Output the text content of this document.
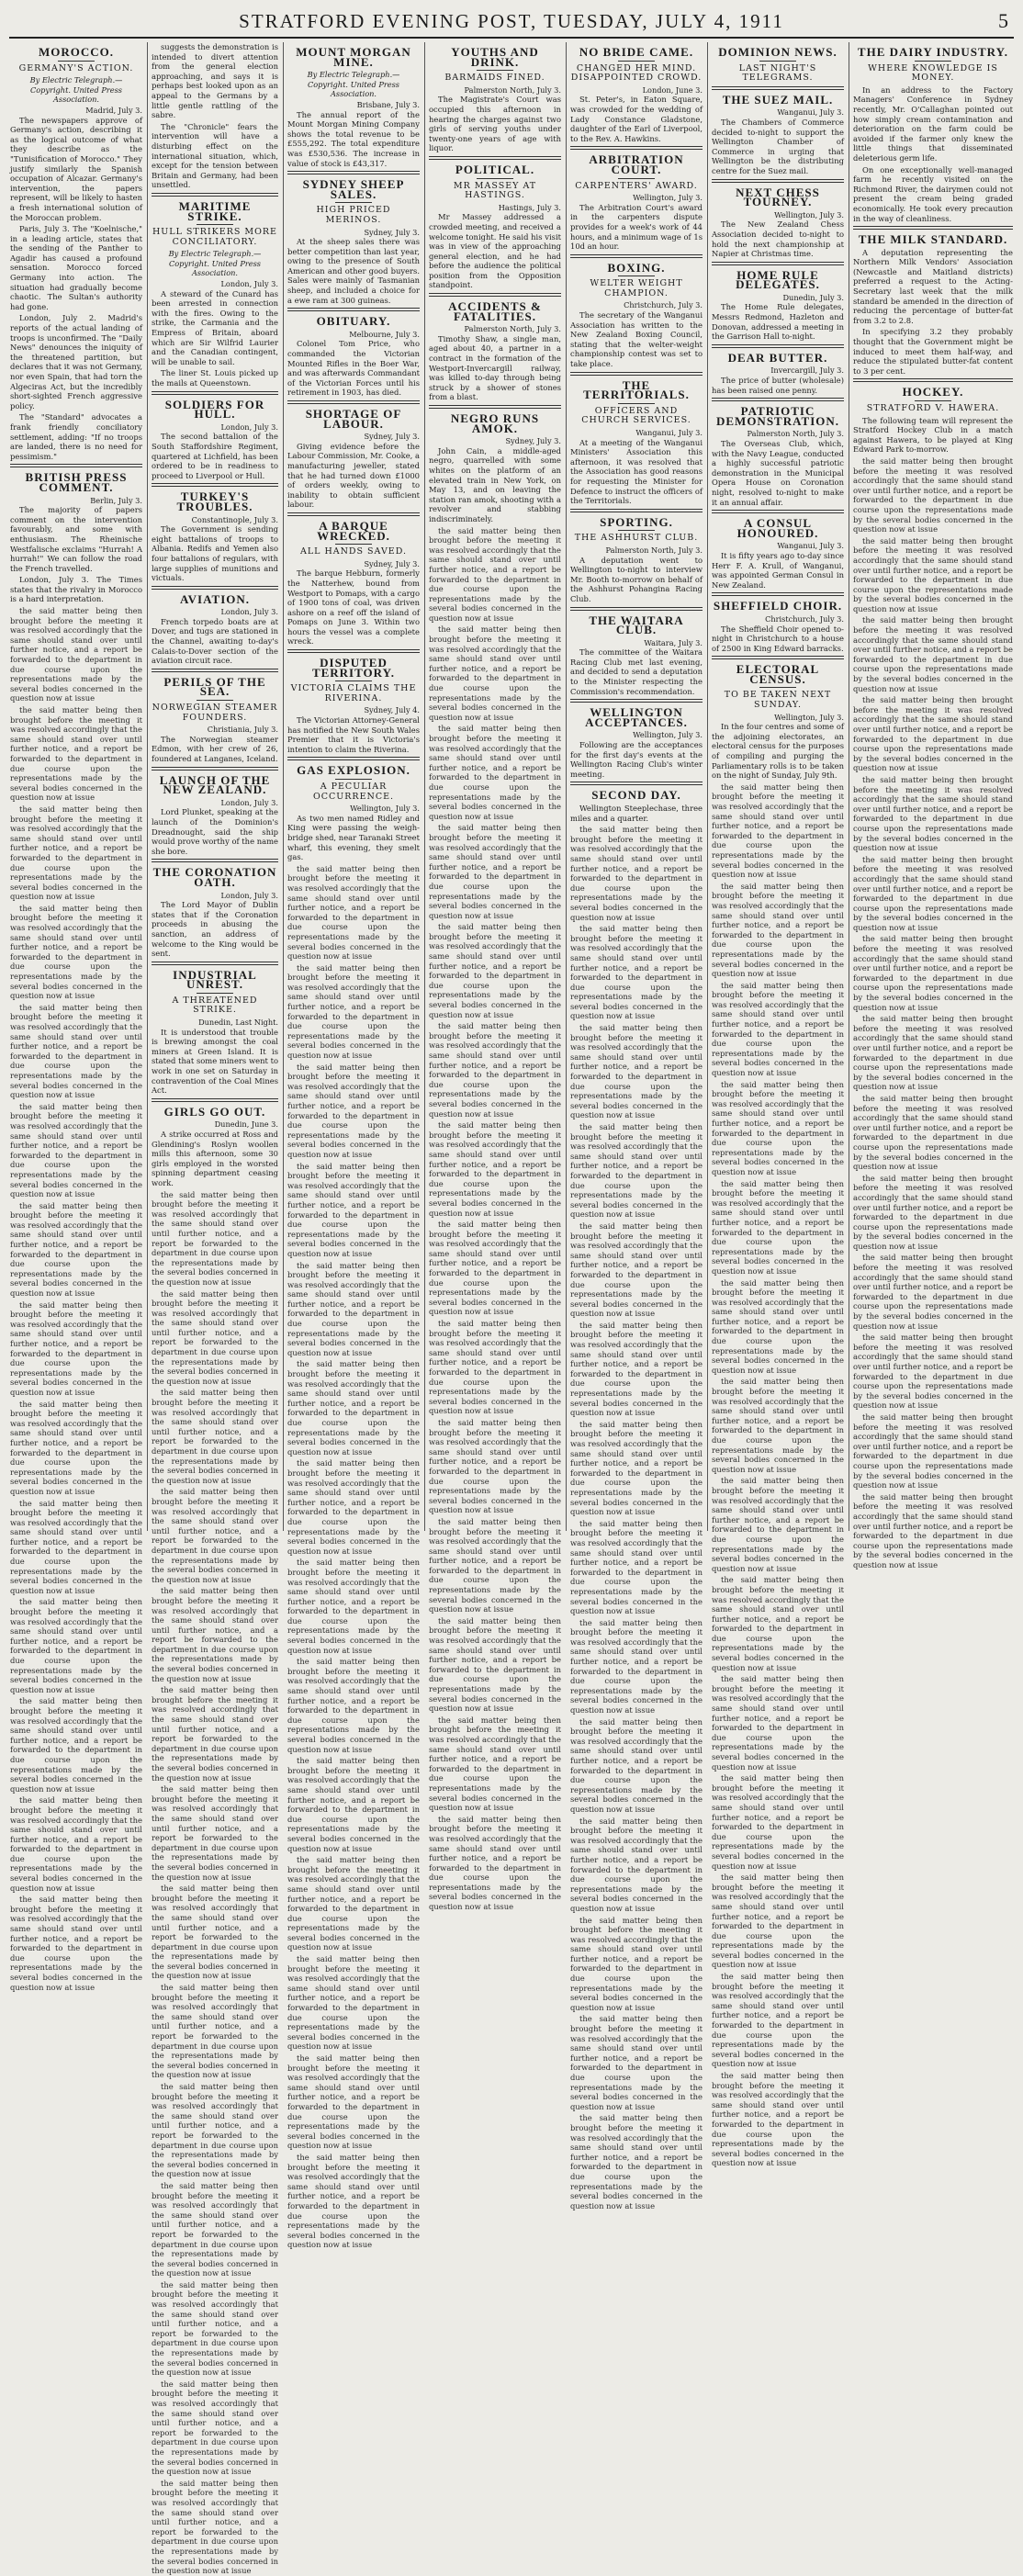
STRATFORD EVENING POST, TUESDAY, JULY 4, 1911	5
MOROCCO.
GERMANY'S ACTION.
By Electric Telegraph.—Copyright. United Press Association.
Madrid, July 3.

The newspapers approve of Germany's action, describing it as the logical outcome of what they describe as the "Tunisification of Morocco." They justify similarly the Spanish occupation of Alcazar. Germany's intervention, the papers represent, will be likely to hasten a fresh international solution of the Moroccan problem.

Paris, July 3. The "Koelnische," in a leading article, states that the sending of the Panther to Agadir has caused a profound sensation. Morocco forced Germany into action. The situation had gradually become chaotic. The Sultan's authority had gone.

London, July 2. Madrid's reports of the actual landing of troops is unconfirmed. The "Daily News" denounces the iniquity of the threatened partition, but declares that it was not Germany, nor even Spain, that had torn the Algeciras Act, but the incredibly short-sighted French aggressive policy.

The "Standard" advocates a frank friendly conciliatory settlement, adding: "If no troops are landed, there is no need for pessimism."

BRITISH PRESS COMMENT.
Berlin, July 3.

The majority of papers comment on the intervention favourably, and some with enthusiasm. The Rheinische Westfalische exclaims "Hurrah! A hurrah!" We can follow the road the French travelled.

London, July 3. The Times states that the rivalry in Morocco is a hard interpretation.

the said matter being then brought before the meeting it was resolved accordingly that the same should stand over until further notice, and a report be forwarded to the department in due course upon the representations made by the several bodies concerned in the question now at issue

the said matter being then brought before the meeting it was resolved accordingly that the same should stand over until further notice, and a report be forwarded to the department in due course upon the representations made by the several bodies concerned in the question now at issue

the said matter being then brought before the meeting it was resolved accordingly that the same should stand over until further notice, and a report be forwarded to the department in due course upon the representations made by the several bodies concerned in the question now at issue

the said matter being then brought before the meeting it was resolved accordingly that the same should stand over until further notice, and a report be forwarded to the department in due course upon the representations made by the several bodies concerned in the question now at issue

the said matter being then brought before the meeting it was resolved accordingly that the same should stand over until further notice, and a report be forwarded to the department in due course upon the representations made by the several bodies concerned in the question now at issue

the said matter being then brought before the meeting it was resolved accordingly that the same should stand over until further notice, and a report be forwarded to the department in due course upon the representations made by the several bodies concerned in the question now at issue

the said matter being then brought before the meeting it was resolved accordingly that the same should stand over until further notice, and a report be forwarded to the department in due course upon the representations made by the several bodies concerned in the question now at issue

the said matter being then brought before the meeting it was resolved accordingly that the same should stand over until further notice, and a report be forwarded to the department in due course upon the representations made by the several bodies concerned in the question now at issue

the said matter being then brought before the meeting it was resolved accordingly that the same should stand over until further notice, and a report be forwarded to the department in due course upon the representations made by the several bodies concerned in the question now at issue

the said matter being then brought before the meeting it was resolved accordingly that the same should stand over until further notice, and a report be forwarded to the department in due course upon the representations made by the several bodies concerned in the question now at issue

the said matter being then brought before the meeting it was resolved accordingly that the same should stand over until further notice, and a report be forwarded to the department in due course upon the representations made by the several bodies concerned in the question now at issue

the said matter being then brought before the meeting it was resolved accordingly that the same should stand over until further notice, and a report be forwarded to the department in due course upon the representations made by the several bodies concerned in the question now at issue

the said matter being then brought before the meeting it was resolved accordingly that the same should stand over until further notice, and a report be forwarded to the department in due course upon the representations made by the several bodies concerned in the question now at issue

the said matter being then brought before the meeting it was resolved accordingly that the same should stand over until further notice, and a report be forwarded to the department in due course upon the representations made by the several bodies concerned in the question now at issue

suggests the demonstration is intended to divert attention from the general election approaching, and says it is perhaps best looked upon as an appeal to the Germans by a little gentle rattling of the sabre.

The "Chronicle" fears the intervention will have a disturbing effect on the international situation, which, except for the tension between Britain and Germany, had been unsettled.

MARITIME STRIKE.
HULL STRIKERS MORE CONCILIATORY.
By Electric Telegraph.—Copyright. United Press Association.
London, July 3.

A steward of the Cunard has been arrested in connection with the fires. Owing to the strike, the Carmania and the Empress of Britain, aboard which are Sir Wilfrid Laurier and the Canadian contingent, will be unable to sail.

The liner St. Louis picked up the mails at Queenstown.

SOLDIERS FOR HULL.
London, July 3.

The second battalion of the South Staffordshire Regiment, quartered at Lichfield, has been ordered to be in readiness to proceed to Liverpool or Hull.

TURKEY'S TROUBLES.
Constantinople, July 3.

The Government is sending eight battalions of troops to Albania. Redifs and Yemen also four battalions of regulars, with large supplies of munitions and victuals.

AVIATION.
London, July 3.

French torpedo boats are at Dover, and tugs are stationed in the Channel, awaiting to-day's Calais-to-Dover section of the aviation circuit race.

PERILS OF THE SEA.
NORWEGIAN STEAMER FOUNDERS.
Christiania, July 3.

The Norwegian steamer Edmon, with her crew of 26, foundered at Langanes, Iceland.

LAUNCH OF THE NEW ZEALAND.
London, July 3.

Lord Plunket, speaking at the launch of the Dominion's Dreadnought, said the ship would prove worthy of the name she bore.

THE CORONATION OATH.
London, July 3.

The Lord Mayor of Dublin states that if the Coronation proceeds in abusing the sanction, an address of welcome to the King would be sent.

INDUSTRIAL UNREST.
A THREATENED STRIKE.
Dunedin, Last Night.

It is understood that trouble is brewing amongst the coal miners at Green Island. It is stated that some miners went to work in one set on Saturday in contravention of the Coal Mines Act.

GIRLS GO OUT.
Dunedin, June 3.

A strike occurred at Ross and Glendining's Roslyn woollen mills this afternoon, some 30 girls employed in the worsted spinning department ceasing work.

the said matter being then brought before the meeting it was resolved accordingly that the same should stand over until further notice, and a report be forwarded to the department in due course upon the representations made by the several bodies concerned in the question now at issue

the said matter being then brought before the meeting it was resolved accordingly that the same should stand over until further notice, and a report be forwarded to the department in due course upon the representations made by the several bodies concerned in the question now at issue

the said matter being then brought before the meeting it was resolved accordingly that the same should stand over until further notice, and a report be forwarded to the department in due course upon the representations made by the several bodies concerned in the question now at issue

the said matter being then brought before the meeting it was resolved accordingly that the same should stand over until further notice, and a report be forwarded to the department in due course upon the representations made by the several bodies concerned in the question now at issue

the said matter being then brought before the meeting it was resolved accordingly that the same should stand over until further notice, and a report be forwarded to the department in due course upon the representations made by the several bodies concerned in the question now at issue

the said matter being then brought before the meeting it was resolved accordingly that the same should stand over until further notice, and a report be forwarded to the department in due course upon the representations made by the several bodies concerned in the question now at issue

the said matter being then brought before the meeting it was resolved accordingly that the same should stand over until further notice, and a report be forwarded to the department in due course upon the representations made by the several bodies concerned in the question now at issue

the said matter being then brought before the meeting it was resolved accordingly that the same should stand over until further notice, and a report be forwarded to the department in due course upon the representations made by the several bodies concerned in the question now at issue

the said matter being then brought before the meeting it was resolved accordingly that the same should stand over until further notice, and a report be forwarded to the department in due course upon the representations made by the several bodies concerned in the question now at issue

the said matter being then brought before the meeting it was resolved accordingly that the same should stand over until further notice, and a report be forwarded to the department in due course upon the representations made by the several bodies concerned in the question now at issue

the said matter being then brought before the meeting it was resolved accordingly that the same should stand over until further notice, and a report be forwarded to the department in due course upon the representations made by the several bodies concerned in the question now at issue

the said matter being then brought before the meeting it was resolved accordingly that the same should stand over until further notice, and a report be forwarded to the department in due course upon the representations made by the several bodies concerned in the question now at issue

the said matter being then brought before the meeting it was resolved accordingly that the same should stand over until further notice, and a report be forwarded to the department in due course upon the representations made by the several bodies concerned in the question now at issue

the said matter being then brought before the meeting it was resolved accordingly that the same should stand over until further notice, and a report be forwarded to the department in due course upon the representations made by the several bodies concerned in the question now at issue

MOUNT MORGAN MINE.
By Electric Telegraph.—Copyright. United Press Association.
Brisbane, July 3.

The annual report of the Mount Morgan Mining Company shows the total revenue to be £555,292. The total expenditure was £530,536. The increase in value of stock is £43,317.

SYDNEY SHEEP SALES.
HIGH PRICED MERINOS.
Sydney, July 3.

At the sheep sales there was better competition than last year, owing to the presence of South American and other good buyers. Sales were mainly of Tasmanian sheep, and included a choice for a ewe ram at 300 guineas.

OBITUARY.
Melbourne, July 3.

Colonel Tom Price, who commanded the Victorian Mounted Rifles in the Boer War, and was afterwards Commandant of the Victorian Forces until his retirement in 1903, has died.

SHORTAGE OF LABOUR.
Sydney, July 3.

Giving evidence before the Labour Commission, Mr. Cooke, a manufacturing jeweller, stated that he had turned down £1000 of orders weekly, owing to inability to obtain sufficient labour.

A BARQUE WRECKED.
ALL HANDS SAVED.
Sydney, July 3.

The barque Hebburn, formerly the Natterhew, bound from Westport to Pomaps, with a cargo of 1900 tons of coal, was driven ashore on a reef off the island of Pomaps on June 3. Within two hours the vessel was a complete wreck.

DISPUTED TERRITORY.
VICTORIA CLAIMS THE RIVERINA.
Sydney, July 4.

The Victorian Attorney-General has notified the New South Wales Premier that it is Victoria's intention to claim the Riverina.

GAS EXPLOSION.
A PECULIAR OCCURRENCE.
Wellington, July 3.

As two men named Ridley and King were passing the weigh-bridge shed, near Taranaki Street wharf, this evening, they smelt gas.

the said matter being then brought before the meeting it was resolved accordingly that the same should stand over until further notice, and a report be forwarded to the department in due course upon the representations made by the several bodies concerned in the question now at issue

the said matter being then brought before the meeting it was resolved accordingly that the same should stand over until further notice, and a report be forwarded to the department in due course upon the representations made by the several bodies concerned in the question now at issue

the said matter being then brought before the meeting it was resolved accordingly that the same should stand over until further notice, and a report be forwarded to the department in due course upon the representations made by the several bodies concerned in the question now at issue

the said matter being then brought before the meeting it was resolved accordingly that the same should stand over until further notice, and a report be forwarded to the department in due course upon the representations made by the several bodies concerned in the question now at issue

the said matter being then brought before the meeting it was resolved accordingly that the same should stand over until further notice, and a report be forwarded to the department in due course upon the representations made by the several bodies concerned in the question now at issue

the said matter being then brought before the meeting it was resolved accordingly that the same should stand over until further notice, and a report be forwarded to the department in due course upon the representations made by the several bodies concerned in the question now at issue

the said matter being then brought before the meeting it was resolved accordingly that the same should stand over until further notice, and a report be forwarded to the department in due course upon the representations made by the several bodies concerned in the question now at issue

the said matter being then brought before the meeting it was resolved accordingly that the same should stand over until further notice, and a report be forwarded to the department in due course upon the representations made by the several bodies concerned in the question now at issue

the said matter being then brought before the meeting it was resolved accordingly that the same should stand over until further notice, and a report be forwarded to the department in due course upon the representations made by the several bodies concerned in the question now at issue

the said matter being then brought before the meeting it was resolved accordingly that the same should stand over until further notice, and a report be forwarded to the department in due course upon the representations made by the several bodies concerned in the question now at issue

the said matter being then brought before the meeting it was resolved accordingly that the same should stand over until further notice, and a report be forwarded to the department in due course upon the representations made by the several bodies concerned in the question now at issue

the said matter being then brought before the meeting it was resolved accordingly that the same should stand over until further notice, and a report be forwarded to the department in due course upon the representations made by the several bodies concerned in the question now at issue

the said matter being then brought before the meeting it was resolved accordingly that the same should stand over until further notice, and a report be forwarded to the department in due course upon the representations made by the several bodies concerned in the question now at issue

the said matter being then brought before the meeting it was resolved accordingly that the same should stand over until further notice, and a report be forwarded to the department in due course upon the representations made by the several bodies concerned in the question now at issue

YOUTHS AND DRINK.
BARMAIDS FINED.
Palmerston North, July 3.

The Magistrate's Court was occupied this afternoon in hearing the charges against two girls of serving youths under twenty-one years of age with liquor.

POLITICAL.
MR MASSEY AT HASTINGS.
Hastings, July 3.

Mr Massey addressed a crowded meeting, and received a welcome tonight. He said his visit was in view of the approaching general election, and he had before the audience the political position from the Opposition standpoint.

ACCIDENTS & FATALITIES.
Palmerston North, July 3.

Timothy Shaw, a single man, aged about 40, a partner in a contract in the formation of the Westport-Invercargill railway, was killed to-day through being struck by a shower of stones from a blast.

NEGRO RUNS AMOK.
Sydney, July 3.

John Cain, a middle-aged negro, quarrelled with some whites on the platform of an elevated train in New York, on May 13, and on leaving the station ran amok, shooting with a revolver and stabbing indiscriminately.

the said matter being then brought before the meeting it was resolved accordingly that the same should stand over until further notice, and a report be forwarded to the department in due course upon the representations made by the several bodies concerned in the question now at issue

the said matter being then brought before the meeting it was resolved accordingly that the same should stand over until further notice, and a report be forwarded to the department in due course upon the representations made by the several bodies concerned in the question now at issue

the said matter being then brought before the meeting it was resolved accordingly that the same should stand over until further notice, and a report be forwarded to the department in due course upon the representations made by the several bodies concerned in the question now at issue

the said matter being then brought before the meeting it was resolved accordingly that the same should stand over until further notice, and a report be forwarded to the department in due course upon the representations made by the several bodies concerned in the question now at issue

the said matter being then brought before the meeting it was resolved accordingly that the same should stand over until further notice, and a report be forwarded to the department in due course upon the representations made by the several bodies concerned in the question now at issue

the said matter being then brought before the meeting it was resolved accordingly that the same should stand over until further notice, and a report be forwarded to the department in due course upon the representations made by the several bodies concerned in the question now at issue

the said matter being then brought before the meeting it was resolved accordingly that the same should stand over until further notice, and a report be forwarded to the department in due course upon the representations made by the several bodies concerned in the question now at issue

the said matter being then brought before the meeting it was resolved accordingly that the same should stand over until further notice, and a report be forwarded to the department in due course upon the representations made by the several bodies concerned in the question now at issue

the said matter being then brought before the meeting it was resolved accordingly that the same should stand over until further notice, and a report be forwarded to the department in due course upon the representations made by the several bodies concerned in the question now at issue

the said matter being then brought before the meeting it was resolved accordingly that the same should stand over until further notice, and a report be forwarded to the department in due course upon the representations made by the several bodies concerned in the question now at issue

the said matter being then brought before the meeting it was resolved accordingly that the same should stand over until further notice, and a report be forwarded to the department in due course upon the representations made by the several bodies concerned in the question now at issue

the said matter being then brought before the meeting it was resolved accordingly that the same should stand over until further notice, and a report be forwarded to the department in due course upon the representations made by the several bodies concerned in the question now at issue

the said matter being then brought before the meeting it was resolved accordingly that the same should stand over until further notice, and a report be forwarded to the department in due course upon the representations made by the several bodies concerned in the question now at issue

the said matter being then brought before the meeting it was resolved accordingly that the same should stand over until further notice, and a report be forwarded to the department in due course upon the representations made by the several bodies concerned in the question now at issue

NO BRIDE CAME.
CHANGED HER MIND. DISAPPOINTED CROWD.
London, June 3.

St. Peter's, in Eaton Square, was crowded for the wedding of Lady Constance Gladstone, daughter of the Earl of Liverpool, to the Rev. A. Hawkins.

ARBITRATION COURT.
CARPENTERS' AWARD.
Wellington, July 3.

The Arbitration Court's award in the carpenters dispute provides for a week's work of 44 hours, and a minimum wage of 1s 10d an hour.

BOXING.
WELTER WEIGHT CHAMPION.
Christchurch, July 3.

The secretary of the Wanganui Association has written to the New Zealand Boxing Council, stating that the welter-weight championship contest was set to take place.

THE TERRITORIALS.
OFFICERS AND CHURCH SERVICES.
Wanganui, July 3.

At a meeting of the Wanganui Ministers' Association this afternoon, it was resolved that the Association has good reasons for requesting the Minister for Defence to instruct the officers of the Territorials.

SPORTING.
THE ASHHURST CLUB.
Palmerston North, July 3.

A deputation went to Wellington to-night to interview Mr. Booth to-morrow on behalf of the Ashhurst Pohangina Racing Club.

THE WAITARA CLUB.
Waitara, July 3.

The committee of the Waitara Racing Club met last evening, and decided to send a deputation to the Minister respecting the Commission's recommendation.

WELLINGTON ACCEPTANCES.
Wellington, July 3.

Following are the acceptances for the first day's events at the Wellington Racing Club's winter meeting.

SECOND DAY.

Wellington Steeplechase, three miles and a quarter.

the said matter being then brought before the meeting it was resolved accordingly that the same should stand over until further notice, and a report be forwarded to the department in due course upon the representations made by the several bodies concerned in the question now at issue

the said matter being then brought before the meeting it was resolved accordingly that the same should stand over until further notice, and a report be forwarded to the department in due course upon the representations made by the several bodies concerned in the question now at issue

the said matter being then brought before the meeting it was resolved accordingly that the same should stand over until further notice, and a report be forwarded to the department in due course upon the representations made by the several bodies concerned in the question now at issue

the said matter being then brought before the meeting it was resolved accordingly that the same should stand over until further notice, and a report be forwarded to the department in due course upon the representations made by the several bodies concerned in the question now at issue

the said matter being then brought before the meeting it was resolved accordingly that the same should stand over until further notice, and a report be forwarded to the department in due course upon the representations made by the several bodies concerned in the question now at issue

the said matter being then brought before the meeting it was resolved accordingly that the same should stand over until further notice, and a report be forwarded to the department in due course upon the representations made by the several bodies concerned in the question now at issue

the said matter being then brought before the meeting it was resolved accordingly that the same should stand over until further notice, and a report be forwarded to the department in due course upon the representations made by the several bodies concerned in the question now at issue

the said matter being then brought before the meeting it was resolved accordingly that the same should stand over until further notice, and a report be forwarded to the department in due course upon the representations made by the several bodies concerned in the question now at issue

the said matter being then brought before the meeting it was resolved accordingly that the same should stand over until further notice, and a report be forwarded to the department in due course upon the representations made by the several bodies concerned in the question now at issue

the said matter being then brought before the meeting it was resolved accordingly that the same should stand over until further notice, and a report be forwarded to the department in due course upon the representations made by the several bodies concerned in the question now at issue

the said matter being then brought before the meeting it was resolved accordingly that the same should stand over until further notice, and a report be forwarded to the department in due course upon the representations made by the several bodies concerned in the question now at issue

the said matter being then brought before the meeting it was resolved accordingly that the same should stand over until further notice, and a report be forwarded to the department in due course upon the representations made by the several bodies concerned in the question now at issue

the said matter being then brought before the meeting it was resolved accordingly that the same should stand over until further notice, and a report be forwarded to the department in due course upon the representations made by the several bodies concerned in the question now at issue

the said matter being then brought before the meeting it was resolved accordingly that the same should stand over until further notice, and a report be forwarded to the department in due course upon the representations made by the several bodies concerned in the question now at issue

DOMINION NEWS.
LAST NIGHT'S TELEGRAMS.
THE SUEZ MAIL.
Wanganui, July 3.

The Chambers of Commerce decided to-night to support the Wellington Chamber of Commerce in urging that Wellington be the distributing centre for the Suez mail.

NEXT CHESS TOURNEY.
Wellington, July 3.

The New Zealand Chess Association decided to-night to hold the next championship at Napier at Christmas time.

HOME RULE DELEGATES.
Dunedin, July 3.

The Home Rule delegates, Messrs Redmond, Hazleton and Donovan, addressed a meeting in the Garrison Hall to-night.

DEAR BUTTER.
Invercargill, July 3.

The price of butter (wholesale) has been raised one penny.

PATRIOTIC DEMONSTRATION.
Palmerston North, July 3.

The Overseas Club, which, with the Navy League, conducted a highly successful patriotic demonstration in the Municipal Opera House on Coronation night, resolved to-night to make it an annual affair.

A CONSUL HONOURED.
Wanganui, July 3.

It is fifty years ago to-day since Herr F. A. Krull, of Wanganui, was appointed German Consul in New Zealand.

SHEFFIELD CHOIR.
Christchurch, July 3.

The Sheffield Choir opened to-night in Christchurch to a house of 2500 in King Edward barracks.

ELECTORAL CENSUS.
TO BE TAKEN NEXT SUNDAY.
Wellington, July 3.

In the four centres and some of the adjoining electorates, an electoral census for the purposes of compiling and purging the Parliamentary rolls is to be taken on the night of Sunday, July 9th.

the said matter being then brought before the meeting it was resolved accordingly that the same should stand over until further notice, and a report be forwarded to the department in due course upon the representations made by the several bodies concerned in the question now at issue

the said matter being then brought before the meeting it was resolved accordingly that the same should stand over until further notice, and a report be forwarded to the department in due course upon the representations made by the several bodies concerned in the question now at issue

the said matter being then brought before the meeting it was resolved accordingly that the same should stand over until further notice, and a report be forwarded to the department in due course upon the representations made by the several bodies concerned in the question now at issue

the said matter being then brought before the meeting it was resolved accordingly that the same should stand over until further notice, and a report be forwarded to the department in due course upon the representations made by the several bodies concerned in the question now at issue

the said matter being then brought before the meeting it was resolved accordingly that the same should stand over until further notice, and a report be forwarded to the department in due course upon the representations made by the several bodies concerned in the question now at issue

the said matter being then brought before the meeting it was resolved accordingly that the same should stand over until further notice, and a report be forwarded to the department in due course upon the representations made by the several bodies concerned in the question now at issue

the said matter being then brought before the meeting it was resolved accordingly that the same should stand over until further notice, and a report be forwarded to the department in due course upon the representations made by the several bodies concerned in the question now at issue

the said matter being then brought before the meeting it was resolved accordingly that the same should stand over until further notice, and a report be forwarded to the department in due course upon the representations made by the several bodies concerned in the question now at issue

the said matter being then brought before the meeting it was resolved accordingly that the same should stand over until further notice, and a report be forwarded to the department in due course upon the representations made by the several bodies concerned in the question now at issue

the said matter being then brought before the meeting it was resolved accordingly that the same should stand over until further notice, and a report be forwarded to the department in due course upon the representations made by the several bodies concerned in the question now at issue

the said matter being then brought before the meeting it was resolved accordingly that the same should stand over until further notice, and a report be forwarded to the department in due course upon the representations made by the several bodies concerned in the question now at issue

the said matter being then brought before the meeting it was resolved accordingly that the same should stand over until further notice, and a report be forwarded to the department in due course upon the representations made by the several bodies concerned in the question now at issue

the said matter being then brought before the meeting it was resolved accordingly that the same should stand over until further notice, and a report be forwarded to the department in due course upon the representations made by the several bodies concerned in the question now at issue

the said matter being then brought before the meeting it was resolved accordingly that the same should stand over until further notice, and a report be forwarded to the department in due course upon the representations made by the several bodies concerned in the question now at issue

THE DAIRY INDUSTRY.
WHERE KNOWLEDGE IS MONEY.

In an address to the Factory Managers' Conference in Sydney recently, Mr. O'Callaghan pointed out how simply cream contamination and deterioration on the farm could be avoided if the farmer only knew the little things that disseminated deleterious germ life.

On one exceptionally well-managed farm he recently visited on the Richmond River, the dairymen could not present the cream being graded economically. He took every precaution in the way of cleanliness.

THE MILK STANDARD.

A deputation representing the Northern Milk Vendors' Association (Newcastle and Maitland districts) preferred a request to the Acting-Secretary last week that the milk standard be amended in the direction of reducing the percentage of butter-fat from 3.2 to 2.8.

In specifying 3.2 they probably thought that the Government might be induced to meet them half-way, and reduce the stipulated butter-fat content to 3 per cent.

HOCKEY.
STRATFORD V. HAWERA.

The following team will represent the Stratford Hockey Club in a match against Hawera, to be played at King Edward Park to-morrow.

the said matter being then brought before the meeting it was resolved accordingly that the same should stand over until further notice, and a report be forwarded to the department in due course upon the representations made by the several bodies concerned in the question now at issue

the said matter being then brought before the meeting it was resolved accordingly that the same should stand over until further notice, and a report be forwarded to the department in due course upon the representations made by the several bodies concerned in the question now at issue

the said matter being then brought before the meeting it was resolved accordingly that the same should stand over until further notice, and a report be forwarded to the department in due course upon the representations made by the several bodies concerned in the question now at issue

the said matter being then brought before the meeting it was resolved accordingly that the same should stand over until further notice, and a report be forwarded to the department in due course upon the representations made by the several bodies concerned in the question now at issue

the said matter being then brought before the meeting it was resolved accordingly that the same should stand over until further notice, and a report be forwarded to the department in due course upon the representations made by the several bodies concerned in the question now at issue

the said matter being then brought before the meeting it was resolved accordingly that the same should stand over until further notice, and a report be forwarded to the department in due course upon the representations made by the several bodies concerned in the question now at issue

the said matter being then brought before the meeting it was resolved accordingly that the same should stand over until further notice, and a report be forwarded to the department in due course upon the representations made by the several bodies concerned in the question now at issue

the said matter being then brought before the meeting it was resolved accordingly that the same should stand over until further notice, and a report be forwarded to the department in due course upon the representations made by the several bodies concerned in the question now at issue

the said matter being then brought before the meeting it was resolved accordingly that the same should stand over until further notice, and a report be forwarded to the department in due course upon the representations made by the several bodies concerned in the question now at issue

the said matter being then brought before the meeting it was resolved accordingly that the same should stand over until further notice, and a report be forwarded to the department in due course upon the representations made by the several bodies concerned in the question now at issue

the said matter being then brought before the meeting it was resolved accordingly that the same should stand over until further notice, and a report be forwarded to the department in due course upon the representations made by the several bodies concerned in the question now at issue

the said matter being then brought before the meeting it was resolved accordingly that the same should stand over until further notice, and a report be forwarded to the department in due course upon the representations made by the several bodies concerned in the question now at issue

the said matter being then brought before the meeting it was resolved accordingly that the same should stand over until further notice, and a report be forwarded to the department in due course upon the representations made by the several bodies concerned in the question now at issue

the said matter being then brought before the meeting it was resolved accordingly that the same should stand over until further notice, and a report be forwarded to the department in due course upon the representations made by the several bodies concerned in the question now at issue
